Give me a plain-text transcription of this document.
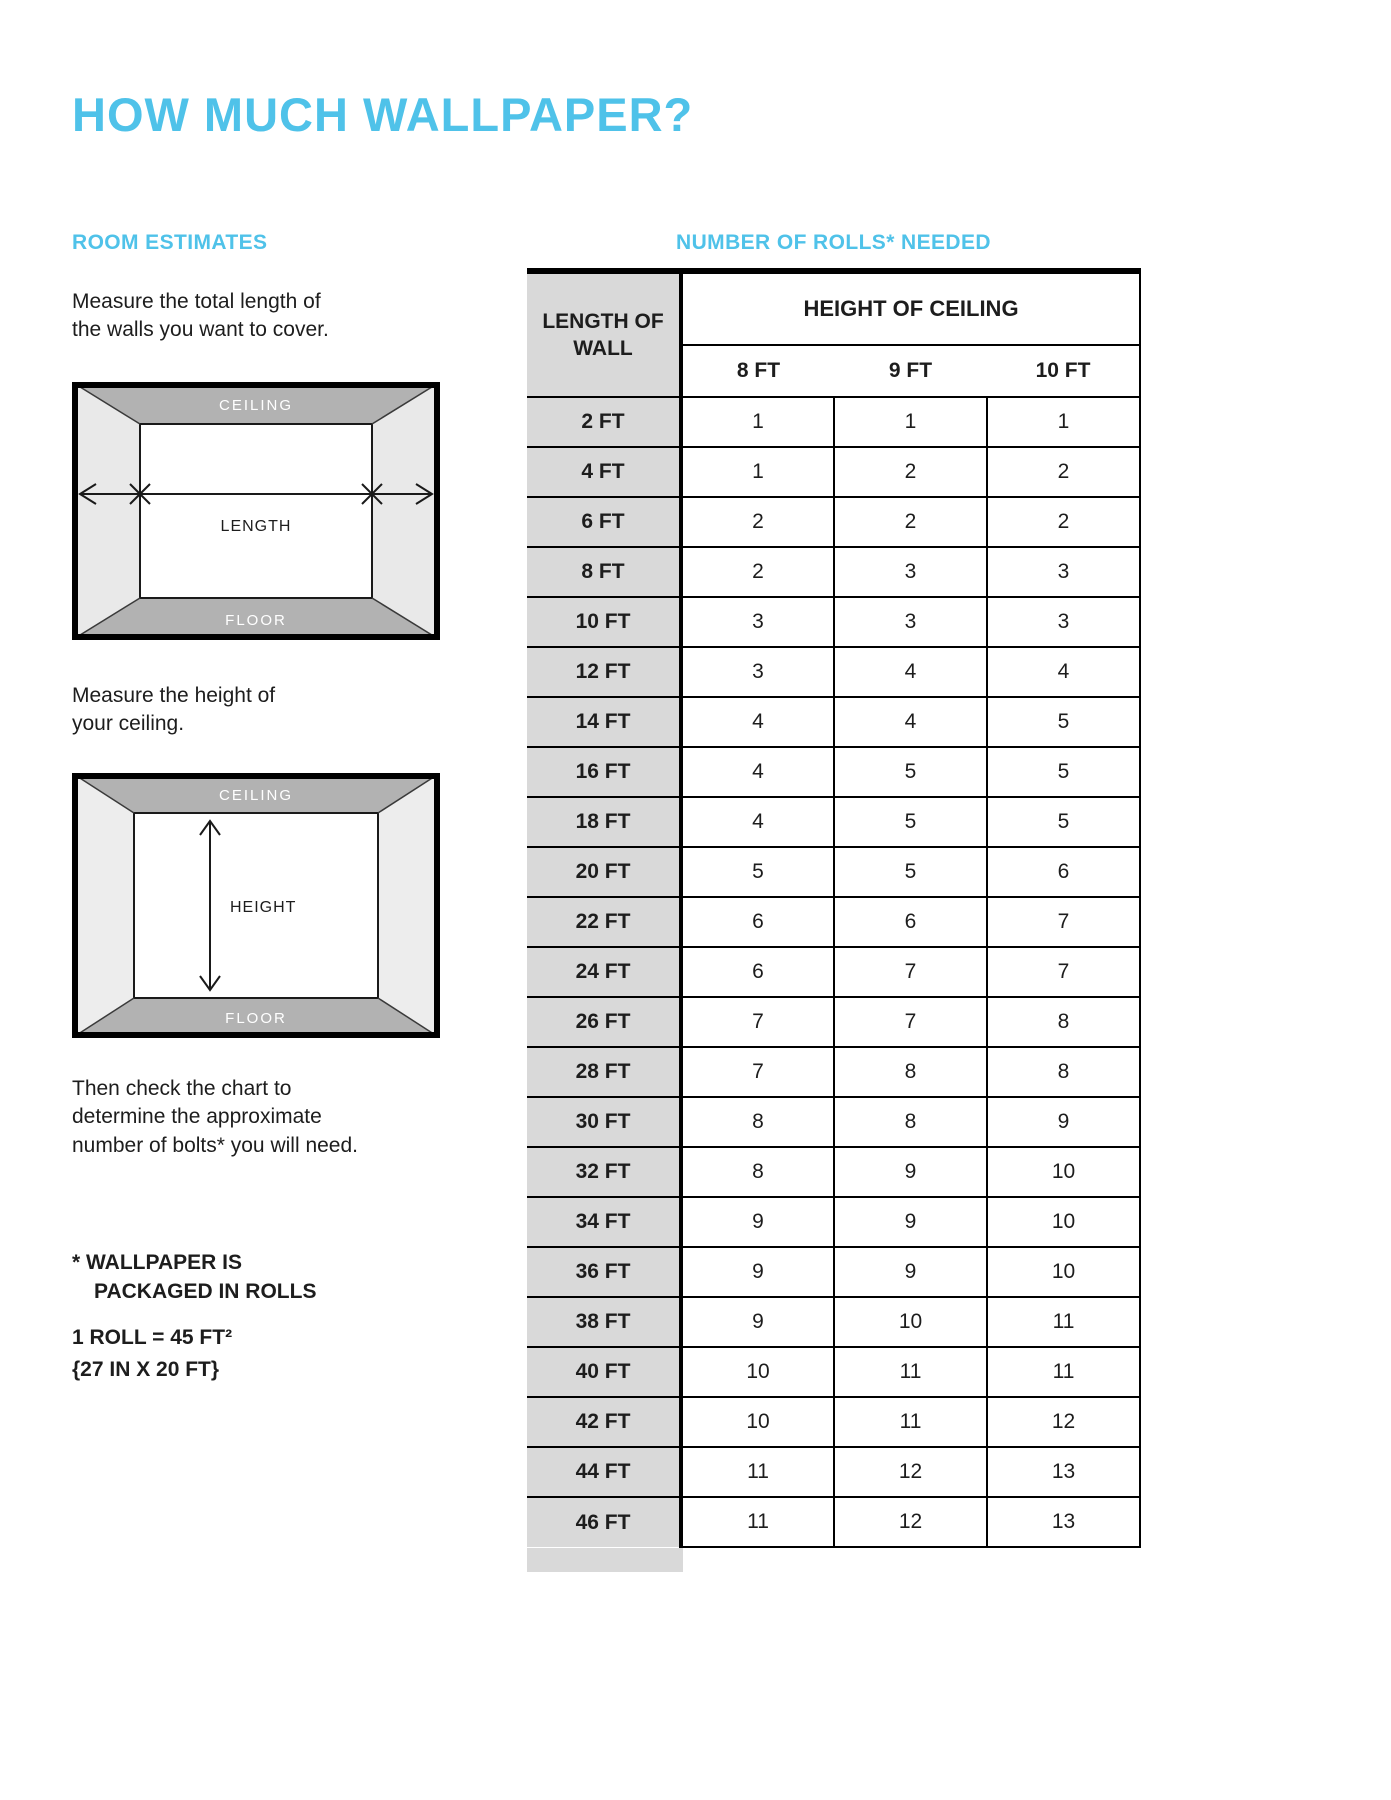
HOW MUCH WALLPAPER?
ROOM ESTIMATES
Measure the total length of
the walls you want to cover.
CEILING
FLOOR
LENGTH
Measure the height of
your ceiling.
CEILING
FLOOR
HEIGHT
Then check the chart to
determine the approximate
number of bolts* you will need.
* WALLPAPER IS
PACKAGED IN ROLLS
1 ROLL = 45 FT²
{27 IN X 20 FT}
NUMBER OF ROLLS* NEEDED
LENGTH OF WALL	HEIGHT OF CEILING		
	8 FT	9 FT	10 FT
2 FT	1	1	1
4 FT	1	2	2
6 FT	2	2	2
8 FT	2	3	3
10 FT	3	3	3
12 FT	3	4	4
14 FT	4	4	5
16 FT	4	5	5
18 FT	4	5	5
20 FT	5	5	6
22 FT	6	6	7
24 FT	6	7	7
26 FT	7	7	8
28 FT	7	8	8
30 FT	8	8	9
32 FT	8	9	10
34 FT	9	9	10
36 FT	9	9	10
38 FT	9	10	11
40 FT	10	11	11
42 FT	10	11	12
44 FT	11	12	13
46 FT	11	12	13
